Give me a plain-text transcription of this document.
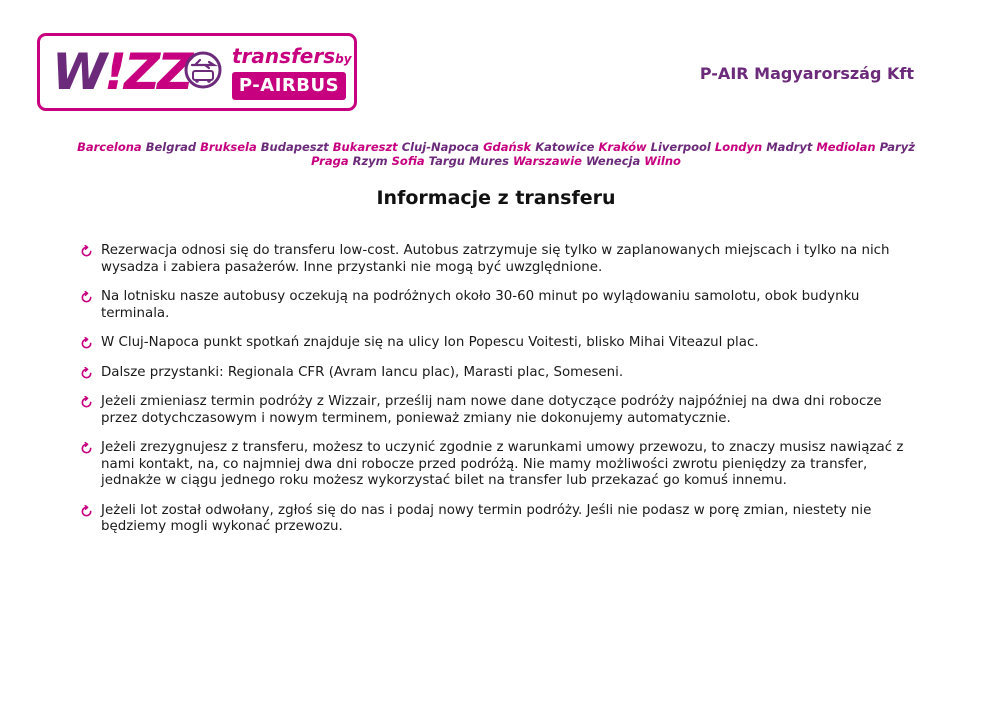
W!ZZ transfersby
P-AIRBUS
P-AIR Magyarország Kft
Barcelona Belgrad Bruksela Budapeszt Bukareszt Cluj-Napoca Gdańsk Katowice Kraków Liverpool Londyn Madryt Mediolan Paryż Praga Rzym Sofia Targu Mures Warszawie Wenecja Wilno
Informacje z transferu
Rezerwacja odnosi się do transferu low-cost. Autobus zatrzymuje się tylko w zaplanowanych miejscach i tylko na nich wysadza i zabiera pasażerów. Inne przystanki nie mogą być uwzględnione.
Na lotnisku nasze autobusy oczekują na podróżnych około 30-60 minut po wylądowaniu samolotu, obok budynku terminala.
W Cluj-Napoca punkt spotkań znajduje się na ulicy Ion Popescu Voitesti, blisko Mihai Viteazul plac.
Dalsze przystanki: Regionala CFR (Avram Iancu plac), Marasti plac, Someseni.
Jeżeli zmieniasz termin podróży z Wizzair, prześlij nam nowe dane dotyczące podróży najpóźniej na dwa dni robocze przez dotychczasowym i nowym terminem, ponieważ zmiany nie dokonujemy automatycznie.
Jeżeli zrezygnujesz z transferu, możesz to uczynić zgodnie z warunkami umowy przewozu, to znaczy musisz nawiązać z nami kontakt, na, co najmniej dwa dni robocze przed podróżą. Nie mamy możliwości zwrotu pieniędzy za transfer, jednakże w ciągu jednego roku możesz wykorzystać bilet na transfer lub przekazać go komuś innemu.
Jeżeli lot został odwołany, zgłoś się do nas i podaj nowy termin podróży. Jeśli nie podasz w porę zmian, niestety nie będziemy mogli wykonać przewozu.
